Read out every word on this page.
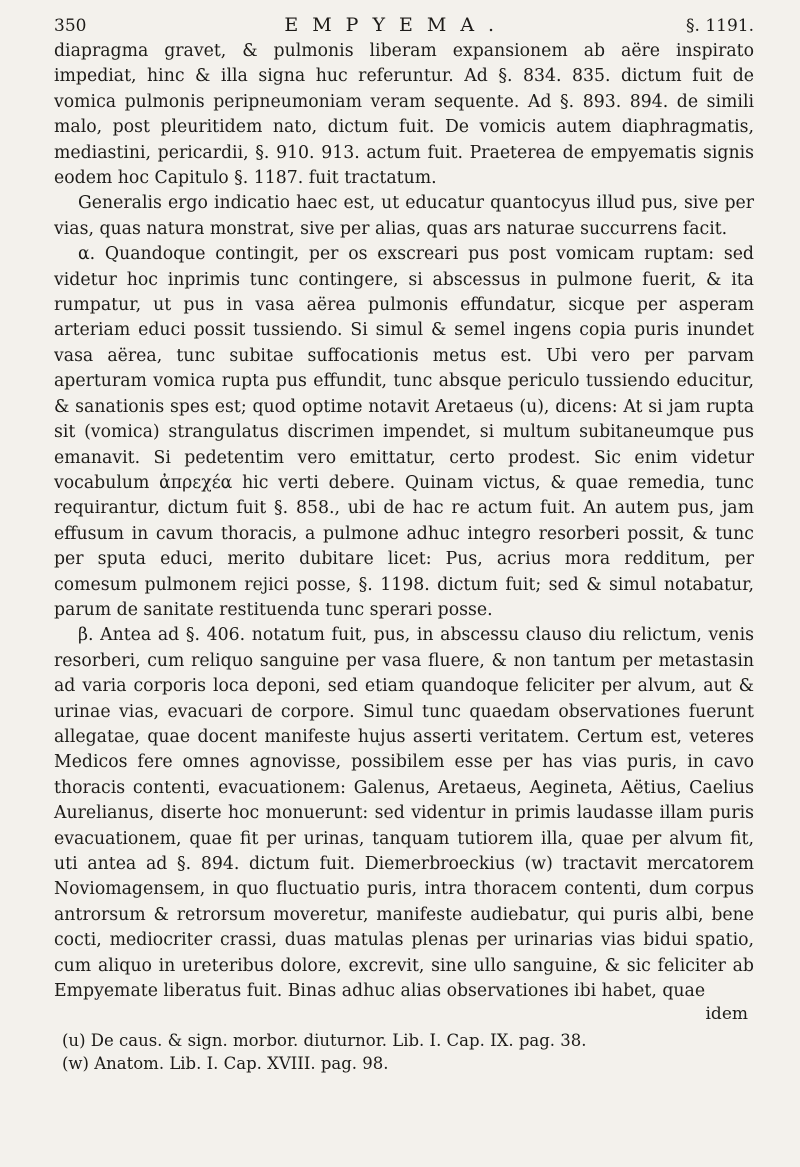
350	EMPYEMA.	§. 1191.

diapragma gravet, & pulmonis liberam expansionem ab aëre inspirato impediat, hinc & illa signa huc referuntur. Ad §. 834. 835. dictum fuit de vomica pulmonis peripneumoniam veram sequente. Ad §. 893. 894. de simili malo, post pleuritidem nato, dictum fuit. De vomicis autem diaphragmatis, mediastini, pericardii, §. 910. 913. actum fuit. Praeterea de empyematis signis eodem hoc Capitulo §. 1187. fuit tractatum.

Generalis ergo indicatio haec est, ut educatur quantocyus illud pus, sive per vias, quas natura monstrat, sive per alias, quas ars naturae succurrens facit.

α. Quandoque contingit, per os exscreari pus post vomicam ruptam: sed videtur hoc inprimis tunc contingere, si abscessus in pulmone fuerit, & ita rumpatur, ut pus in vasa aërea pulmonis effundatur, sicque per asperam arteriam educi possit tussiendo. Si simul & semel ingens copia puris inundet vasa aërea, tunc subitae suffocationis metus est. Ubi vero per parvam aperturam vomica rupta pus effundit, tunc absque periculo tussiendo educitur, & sanationis spes est; quod optime notavit Aretaeus (u), dicens: At si jam rupta sit (vomica) strangulatus discrimen impendet, si multum subitaneumque pus emanavit. Si pedetentim vero emittatur, certo prodest. Sic enim videtur vocabulum ἀπρεχέα hic verti debere. Quinam victus, & quae remedia, tunc requirantur, dictum fuit §. 858., ubi de hac re actum fuit. An autem pus, jam effusum in cavum thoracis, a pulmone adhuc integro resorberi possit, & tunc per sputa educi, merito dubitare licet: Pus, acrius mora redditum, per comesum pulmonem rejici posse, §. 1198. dictum fuit; sed & simul notabatur, parum de sanitate restituenda tunc sperari posse.

β. Antea ad §. 406. notatum fuit, pus, in abscessu clauso diu relictum, venis resorberi, cum reliquo sanguine per vasa fluere, & non tantum per metastasin ad varia corporis loca deponi, sed etiam quandoque feliciter per alvum, aut & urinae vias, evacuari de corpore. Simul tunc quaedam observationes fuerunt allegatae, quae docent manifeste hujus asserti veritatem. Certum est, veteres Medicos fere omnes agnovisse, possibilem esse per has vias puris, in cavo thoracis contenti, evacuationem: Galenus, Aretaeus, Aegineta, Aëtius, Caelius Aurelianus, diserte hoc monuerunt: sed videntur in primis laudasse illam puris evacuationem, quae fit per urinas, tanquam tutiorem illa, quae per alvum fit, uti antea ad §. 894. dictum fuit. Diemerbroeckius (w) tractavit mercatorem Noviomagensem, in quo fluctuatio puris, intra thoracem contenti, dum corpus antrorsum & retrorsum moveretur, manifeste audiebatur, qui puris albi, bene cocti, mediocriter crassi, duas matulas plenas per urinarias vias bidui spatio, cum aliquo in ureteribus dolore, excrevit, sine ullo sanguine, & sic feliciter ab Empyemate liberatus fuit. Binas adhuc alias observationes ibi habet, quae

idem
(u) De caus. & sign. morbor. diuturnor. Lib. I. Cap. IX. pag. 38.
(w) Anatom. Lib. I. Cap. XVIII. pag. 98.
